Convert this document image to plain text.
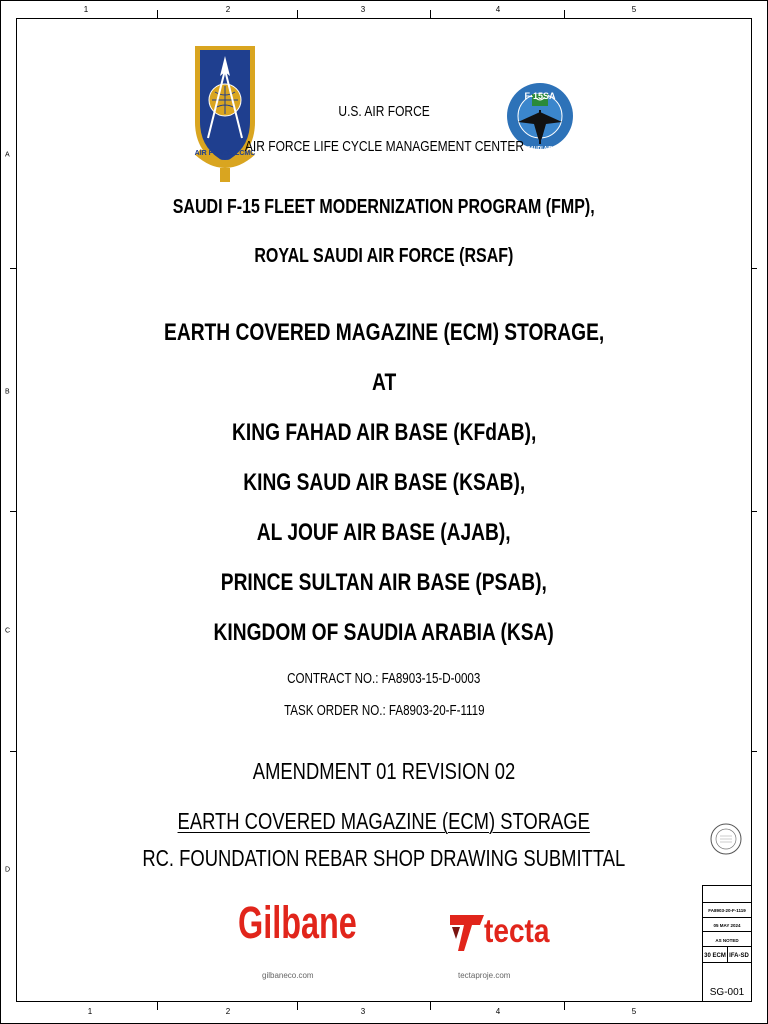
1	2	3	4	5
1	2	3	4	5
A
B
C
D
AIR FORCE LCMC
F-15SA
ROYAL SAUDI AIR FORCE
U.S. AIR FORCE
AIR FORCE LIFE CYCLE MANAGEMENT CENTER
SAUDI F-15 FLEET MODERNIZATION PROGRAM (FMP),
ROYAL SAUDI AIR FORCE (RSAF)
EARTH COVERED MAGAZINE (ECM) STORAGE,
AT
KING FAHAD AIR BASE (KFdAB),
KING SAUD AIR BASE (KSAB),
AL JOUF AIR BASE (AJAB),
PRINCE SULTAN AIR BASE (PSAB),
KINGDOM OF SAUDIA ARABIA (KSA)
CONTRACT NO.: FA8903-15-D-0003
TASK ORDER NO.: FA8903-20-F-1119
AMENDMENT 01 REVISION 02
EARTH COVERED MAGAZINE (ECM) STORAGE
RC. FOUNDATION REBAR SHOP DRAWING SUBMITTAL
Gilbane
gilbaneco.com
tecta
tectaproje.com
FA8903-20-F-1119
05 MAY 2024
AS NOTED
30 ECM IFA-SD
SG-001
